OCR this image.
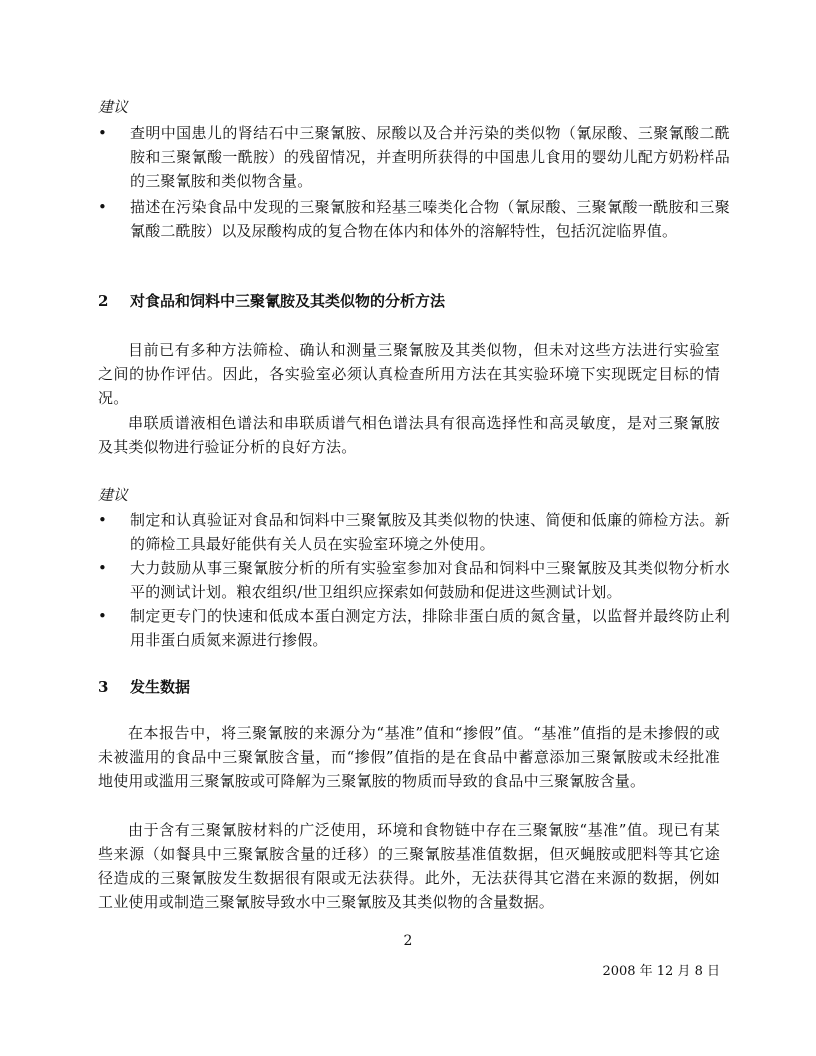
建议

•	查明中国患儿的肾结石中三聚氰胺、尿酸以及合并污染的类似物（氰尿酸、三聚氰酸二酰胺和三聚氰酸一酰胺）的残留情况，并查明所获得的中国患儿食用的婴幼儿配方奶粉样品的三聚氰胺和类似物含量。
•	描述在污染食品中发现的三聚氰胺和羟基三嗪类化合物（氰尿酸、三聚氰酸一酰胺和三聚氰酸二酰胺）以及尿酸构成的复合物在体内和体外的溶解特性，包括沉淀临界值。

2 对食品和饲料中三聚氰胺及其类似物的分析方法

目前已有多种方法筛检、确认和测量三聚氰胺及其类似物，但未对这些方法进行实验室之间的协作评估。因此，各实验室必须认真检查所用方法在其实验环境下实现既定目标的情况。

串联质谱液相色谱法和串联质谱气相色谱法具有很高选择性和高灵敏度，是对三聚氰胺及其类似物进行验证分析的良好方法。

建议

•	制定和认真验证对食品和饲料中三聚氰胺及其类似物的快速、简便和低廉的筛检方法。新的筛检工具最好能供有关人员在实验室环境之外使用。
•	大力鼓励从事三聚氰胺分析的所有实验室参加对食品和饲料中三聚氰胺及其类似物分析水平的测试计划。粮农组织/世卫组织应探索如何鼓励和促进这些测试计划。
•	制定更专门的快速和低成本蛋白测定方法，排除非蛋白质的氮含量，以监督并最终防止利用非蛋白质氮来源进行掺假。

3 发生数据

在本报告中，将三聚氰胺的来源分为“基准”值和“掺假”值。“基准”值指的是未掺假的或未被滥用的食品中三聚氰胺含量，而“掺假”值指的是在食品中蓄意添加三聚氰胺或未经批准地使用或滥用三聚氰胺或可降解为三聚氰胺的物质而导致的食品中三聚氰胺含量。

由于含有三聚氰胺材料的广泛使用，环境和食物链中存在三聚氰胺“基准”值。现已有某些来源（如餐具中三聚氰胺含量的迁移）的三聚氰胺基准值数据，但灭蝇胺或肥料等其它途径造成的三聚氰胺发生数据很有限或无法获得。此外，无法获得其它潜在来源的数据，例如工业使用或制造三聚氰胺导致水中三聚氰胺及其类似物的含量数据。

2
2008 年 12 月 8 日
